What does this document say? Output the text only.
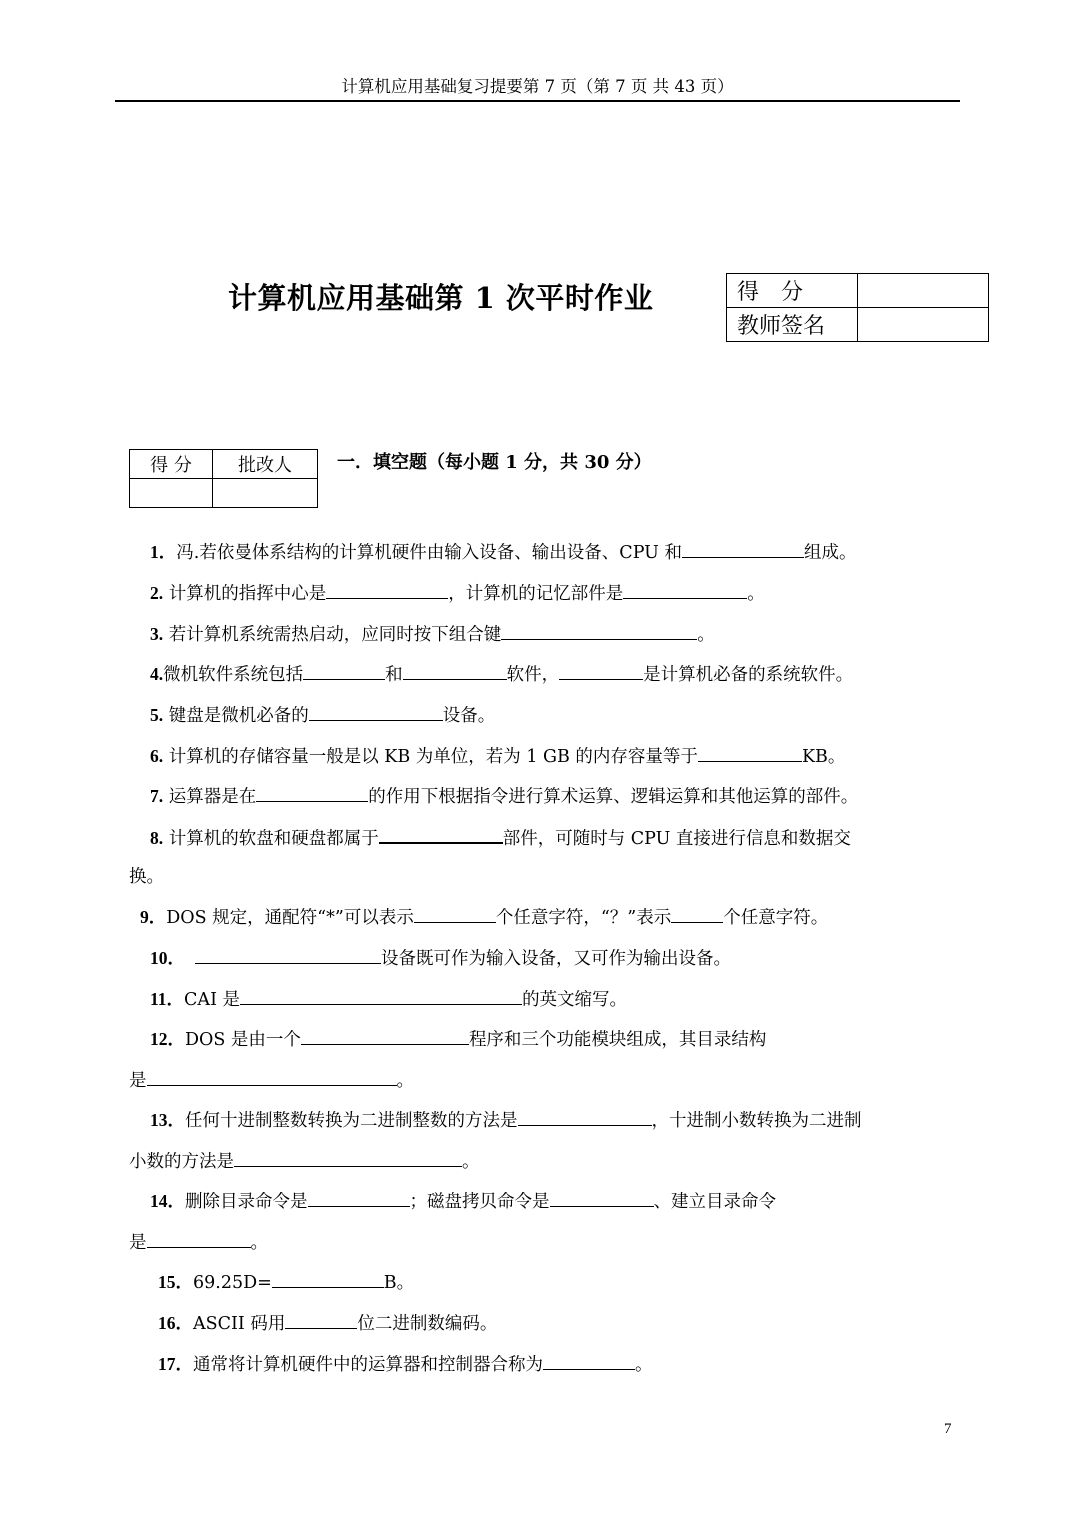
计算机应用基础复习提要第 7 页（第 7 页 共 43 页）
计算机应用基础第 1 次平时作业	得　分	
教师签名	
得 分	批改人
		一．填空题（每小题 1 分，共 30 分）
1．冯.若依曼体系结构的计算机硬件由输入设备、输出设备、CPU 和	组成。
2. 计算机的指挥中心是	，计算机的记忆部件是	。
3. 若计算机系统需热启动，应同时按下组合键	。
4.微机软件系统包括	和	软件，	是计算机必备的系统软件。
5. 键盘是微机必备的	设备。
6. 计算机的存储容量一般是以 KB 为单位，若为 1 GB 的内存容量等于	KB。
7. 运算器是在	的作用下根据指令进行算术运算、逻辑运算和其他运算的部件。
8. 计算机的软盘和硬盘都属于	部件，可随时与 CPU 直接进行信息和数据交
换。
9．DOS 规定，通配符“*”可以表示	个任意字符，“？”表示	个任意字符。
10．	设备既可作为输入设备，又可作为输出设备。
11．CAI 是	的英文缩写。
12．DOS 是由一个	程序和三个功能模块组成，其目录结构
是	。
13．任何十进制整数转换为二进制整数的方法是	，十进制小数转换为二进制
小数的方法是	。
14．删除目录命令是	；磁盘拷贝命令是	、建立目录命令
是	。
15．69.25D=	B。
16．ASCII 码用	位二进制数编码。
17．通常将计算机硬件中的运算器和控制器合称为	。
7
